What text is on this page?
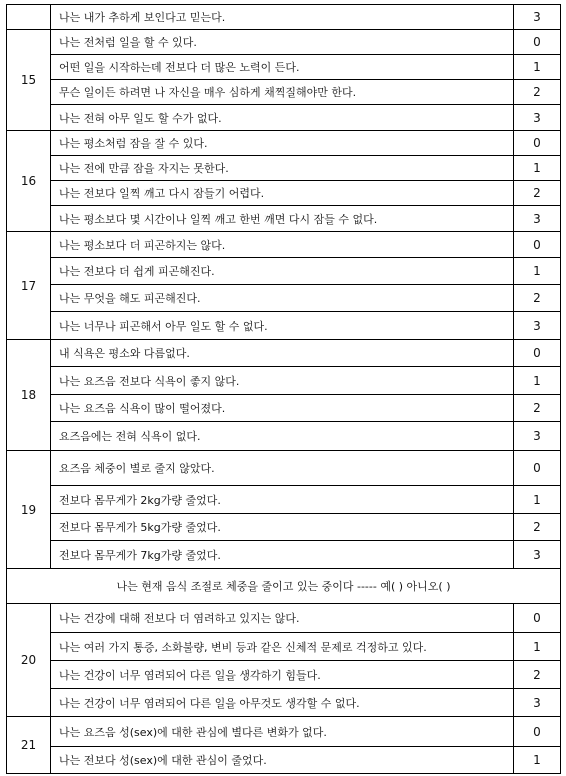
	나는 내가 추하게 보인다고 믿는다.	3
15	나는 전처럼 일을 할 수 있다.	0
	어떤 일을 시작하는데 전보다 더 많은 노력이 든다.	1
	무슨 일이든 하려면 나 자신을 매우 심하게 채찍질해야만 한다.	2
	나는 전혀 아무 일도 할 수가 없다.	3
16	나는 평소처럼 잠을 잘 수 있다.	0
	나는 전에 만큼 잠을 자지는 못한다.	1
	나는 전보다 일찍 깨고 다시 잠들기 어렵다.	2
	나는 평소보다 몇 시간이나 일찍 깨고 한번 깨면 다시 잠들 수 없다.	3
17	나는 평소보다 더 피곤하지는 않다.	0
	나는 전보다 더 쉽게 피곤해진다.	1
	나는 무엇을 해도 피곤해진다.	2
	나는 너무나 피곤해서 아무 일도 할 수 없다.	3
18	내 식욕은 평소와 다름없다.	0
	나는 요즈음 전보다 식욕이 좋지 않다.	1
	나는 요즈음 식욕이 많이 떨어졌다.	2
	요즈음에는 전혀 식욕이 없다.	3
19	요즈음 체중이 별로 줄지 않았다.	0
	전보다 몸무게가 2kg가량 줄었다.	1
	전보다 몸무게가 5kg가량 줄었다.	2
	전보다 몸무게가 7kg가량 줄었다.	3
나는 현재 음식 조절로 체중을 줄이고 있는 중이다 ----- 예( ) 아니오( )		
20	나는 건강에 대해 전보다 더 염려하고 있지는 않다.	0
	나는 여러 가지 통증, 소화불량, 변비 등과 같은 신체적 문제로 걱정하고 있다.	1
	나는 건강이 너무 염려되어 다른 일을 생각하기 힘들다.	2
	나는 건강이 너무 염려되어 다른 일을 아무것도 생각할 수 없다.	3
21	나는 요즈음 성(sex)에 대한 관심에 별다른 변화가 없다.	0
	나는 전보다 성(sex)에 대한 관심이 줄었다.	1
